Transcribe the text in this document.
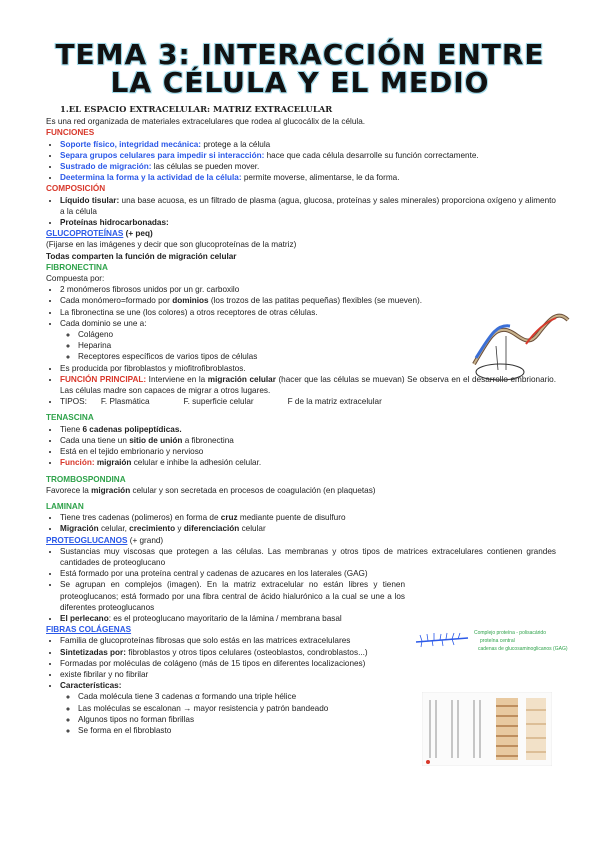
TEMA 3: INTERACCIÓN ENTRE
LA CÉLULA Y EL MEDIO
1.EL ESPACIO EXTRACELULAR: MATRIZ EXTRACELULAR
Es una red organizada de materiales extracelulares que rodea al glucocálix de la célula.
FUNCIONES
• Soporte físico, integridad mecánica: protege a la célula
• Separa grupos celulares para impedir si interacción: hace que cada célula desarrolle su función correctamente.
• Sustrado de migración: las células se pueden mover.
• Deetermina la forma y la actividad de la célula: permite moverse, alimentarse, le da forma.
COMPOSICIÓN
• Líquido tisular: una base acuosa, es un filtrado de plasma (agua, glucosa, proteínas y sales minerales) proporciona oxígeno y alimento a la célula
• Proteínas hidrocarbonadas:
GLUCOPROTEÍNAS (+ peq)
(Fijarse en las imágenes y decir que son glucoproteínas de la matriz)
Todas comparten la función de migración celular
FIBRONECTINA
Compuesta por:
• 2 monómeros fibrosos unidos por un gr. carboxilo
• Cada monómero=formado por dominios (los trozos de las patitas pequeñas) flexibles (se mueven).
• La fibronectina se une (los colores) a otros receptores de otras células.
• Cada dominio se une a:
◦ Colágeno
◦ Heparina
◦ Receptores específicos de varios tipos de células
• Es producida por fibroblastos y miofitrofibroblastos.
• FUNCIÓN PRINCIPAL: Interviene en la migración celular (hacer que las células se muevan) Se observa en el desarrollo embrionario. Las células madre son capaces de migrar a otros lugares.
• TIPOS: F. Plasmática	F. superficie celular	F de la matriz extracelular
TENASCINA
• Tiene 6 cadenas polipeptídicas.
• Cada una tiene un sitio de unión a fibronectina
• Está en el tejido embrionario y nervioso
• Función: migraión celular e inhibe la adhesión celular.
TROMBOSPONDINA
Favorece la migración celular y son secretada en procesos de coagulación (en plaquetas)
LAMINAN
• Tiene tres cadenas (polimeros) en forma de cruz mediante puente de disulfuro
• Migración celular, crecimiento y diferenciación celular
PROTEOGLUCANOS (+ grand)
• Sustancias muy viscosas que protegen a las células. Las membranas y otros tipos de matrices extracelulares contienen grandes cantidades de proteoglucano
• Está formado por una proteína central y cadenas de azucares en los laterales (GAG)
• Se agrupan en complejos (imagen). En la matriz extracelular no están libres y tienen proteoglucanos; está formado por una fibra central de ácido hialurónico a la cual se une a los diferentes proteoglucanos
• El perlecano: es el proteoglucano mayoritario de la lámina / membrana basal
FIBRAS COLÁGENAS
• Familia de glucoproteínas fibrosas que solo estás en las matrices extracelulares
• Sintetizadas por: fibroblastos y otros tipos celulares (osteoblastos, condroblastos...)
• Formadas por moléculas de colágeno (más de 15 tipos en diferentes localizaciones)
• existe fibrilar y no fibrilar
• Características:
◦ Cada molécula tiene 3 cadenas α formando una triple hélice
◦ Las moléculas se escalonan → mayor resistencia y patrón bandeado
◦ Algunos tipos no forman fibrillas
◦ Se forma en el fibroblasto
Complejo proteína - polisacárido
proteína central
cadenas de glucosaminoglicanos (GAG)
